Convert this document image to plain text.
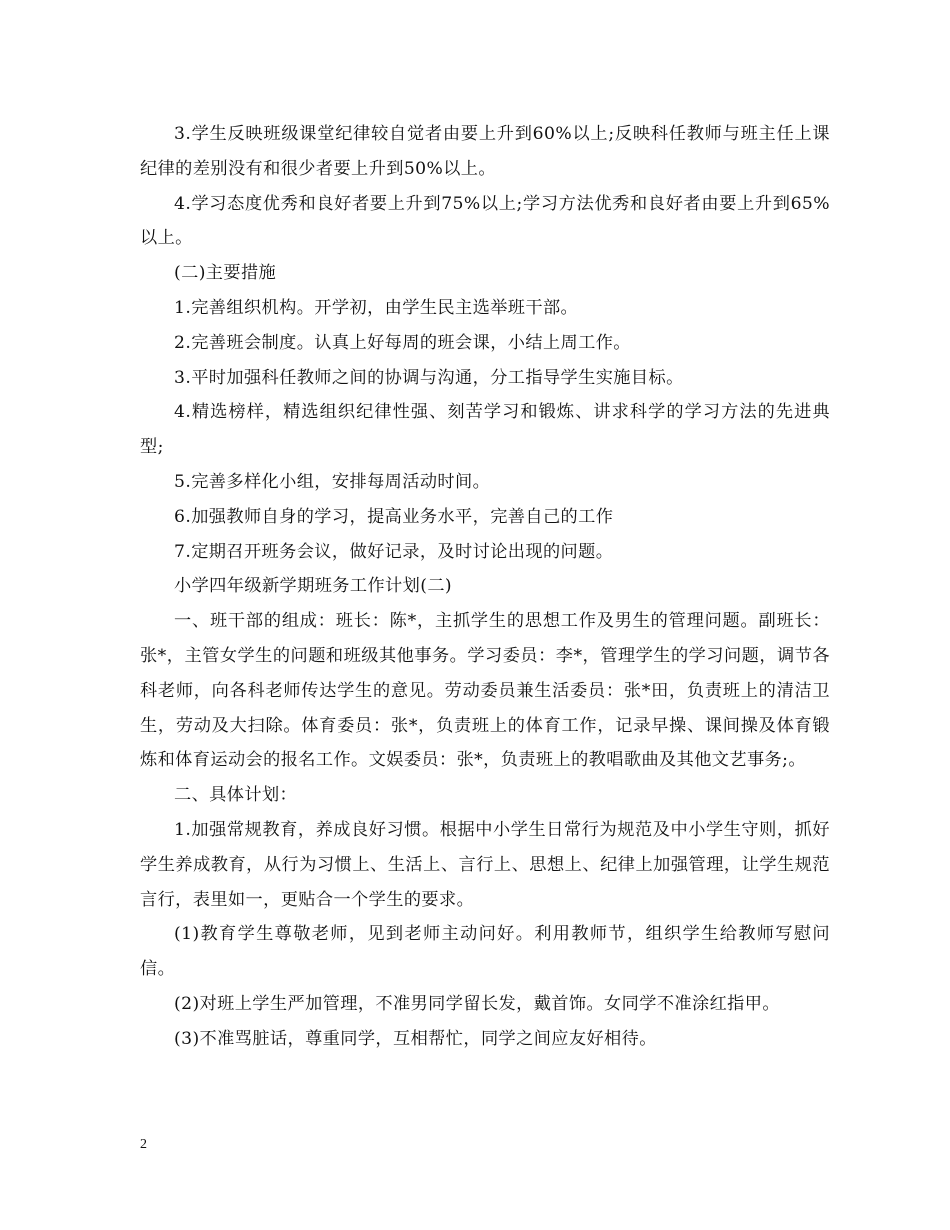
3.学生反映班级课堂纪律较自觉者由要上升到60%以上;反映科任教师与班主任上课纪律的差别没有和很少者要上升到50%以上。

4.学习态度优秀和良好者要上升到75%以上;学习方法优秀和良好者由要上升到65%以上。

(二)主要措施

1.完善组织机构。开学初，由学生民主选举班干部。

2.完善班会制度。认真上好每周的班会课，小结上周工作。

3.平时加强科任教师之间的协调与沟通，分工指导学生实施目标。

4.精选榜样，精选组织纪律性强、刻苦学习和锻炼、讲求科学的学习方法的先进典型;

5.完善多样化小组，安排每周活动时间。

6.加强教师自身的学习，提高业务水平，完善自己的工作

7.定期召开班务会议，做好记录，及时讨论出现的问题。

小学四年级新学期班务工作计划(二)

一、班干部的组成：班长：陈*，主抓学生的思想工作及男生的管理问题。副班长：张*，主管女学生的问题和班级其他事务。学习委员：李*，管理学生的学习问题，调节各科老师，向各科老师传达学生的意见。劳动委员兼生活委员：张*田，负责班上的清洁卫生，劳动及大扫除。体育委员：张*，负责班上的体育工作，记录早操、课间操及体育锻炼和体育运动会的报名工作。文娱委员：张*，负责班上的教唱歌曲及其他文艺事务;。

二、具体计划：

1.加强常规教育，养成良好习惯。根据中小学生日常行为规范及中小学生守则，抓好学生养成教育，从行为习惯上、生活上、言行上、思想上、纪律上加强管理，让学生规范言行，表里如一，更贴合一个学生的要求。

(1)教育学生尊敬老师，见到老师主动问好。利用教师节，组织学生给教师写慰问信。

(2)对班上学生严加管理，不准男同学留长发，戴首饰。女同学不准涂红指甲。

(3)不准骂脏话，尊重同学，互相帮忙，同学之间应友好相待。

2
